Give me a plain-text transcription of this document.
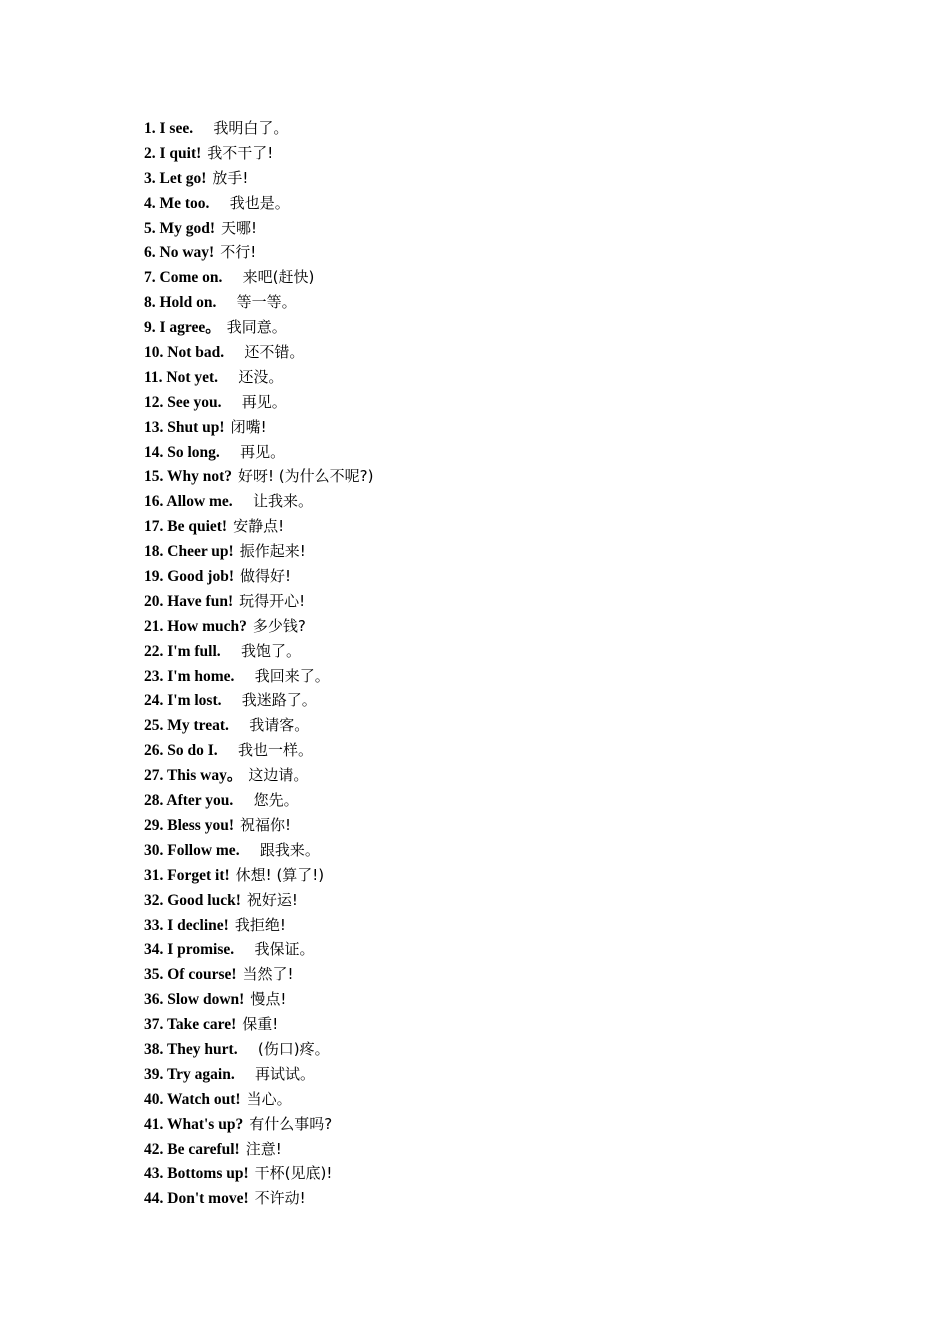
1. I see.   我明白了。
2. I quit! 我不干了!
3. Let go! 放手!
4. Me too.   我也是。
5. My god! 天哪!
6. No way! 不行!
7. Come on.   来吧(赶快)
8. Hold on.   等一等。
9. I agree。 我同意。
10. Not bad.   还不错。
11. Not yet.   还没。
12. See you.   再见。
13. Shut up! 闭嘴!
14. So long.   再见。
15. Why not? 好呀! (为什么不呢?)
16. Allow me.   让我来。
17. Be quiet! 安静点!
18. Cheer up! 振作起来!
19. Good job! 做得好!
20. Have fun! 玩得开心!
21. How much? 多少钱?
22. I'm full.   我饱了。
23. I'm home.   我回来了。
24. I'm lost.   我迷路了。
25. My treat.   我请客。
26. So do I.   我也一样。
27. This way。 这边请。
28. After you.   您先。
29. Bless you! 祝福你!
30. Follow me.   跟我来。
31. Forget it! 休想! (算了!)
32. Good luck! 祝好运!
33. I decline! 我拒绝!
34. I promise.   我保证。
35. Of course! 当然了!
36. Slow down! 慢点!
37. Take care! 保重!
38. They hurt.   (伤口)疼。
39. Try again.   再试试。
40. Watch out! 当心。
41. What's up? 有什么事吗?
42. Be careful! 注意!
43. Bottoms up! 干杯(见底)!
44. Don't move! 不许动!
